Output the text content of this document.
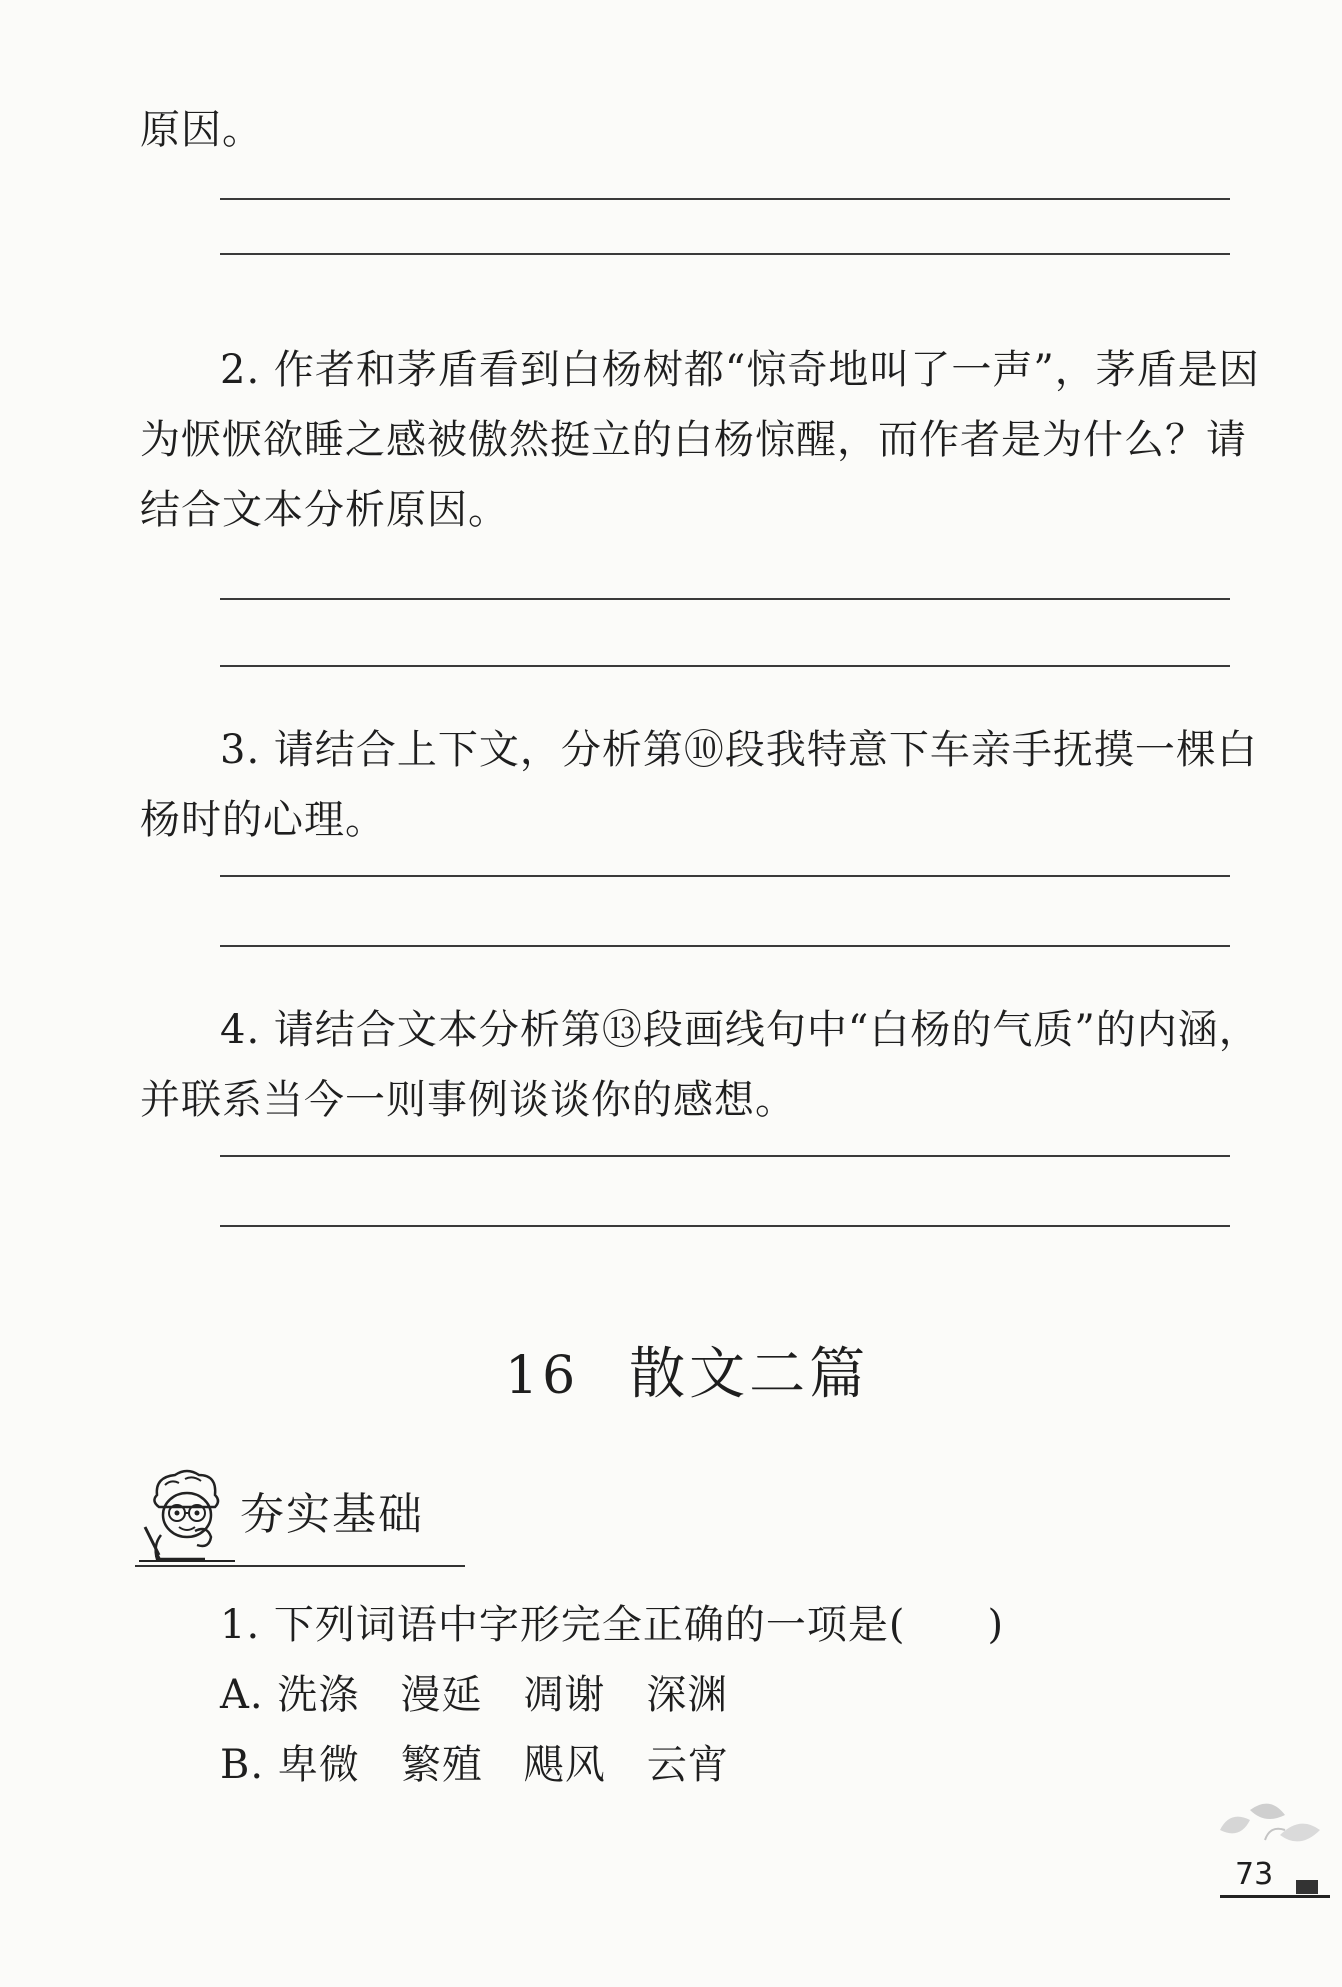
原因。
2. 作者和茅盾看到白杨树都“惊奇地叫了一声”，茅盾是因
为恹恹欲睡之感被傲然挺立的白杨惊醒，而作者是为什么？请
结合文本分析原因。
3. 请结合上下文，分析第⑩段我特意下车亲手抚摸一棵白
杨时的心理。
4. 请结合文本分析第⑬段画线句中“白杨的气质”的内涵，
并联系当今一则事例谈谈你的感想。
16 散文二篇
夯实基础
1. 下列词语中字形完全正确的一项是(　　)
A. 洗涤　漫延　凋谢　深渊
B. 卑微　繁殖　飓风　云宵
73
